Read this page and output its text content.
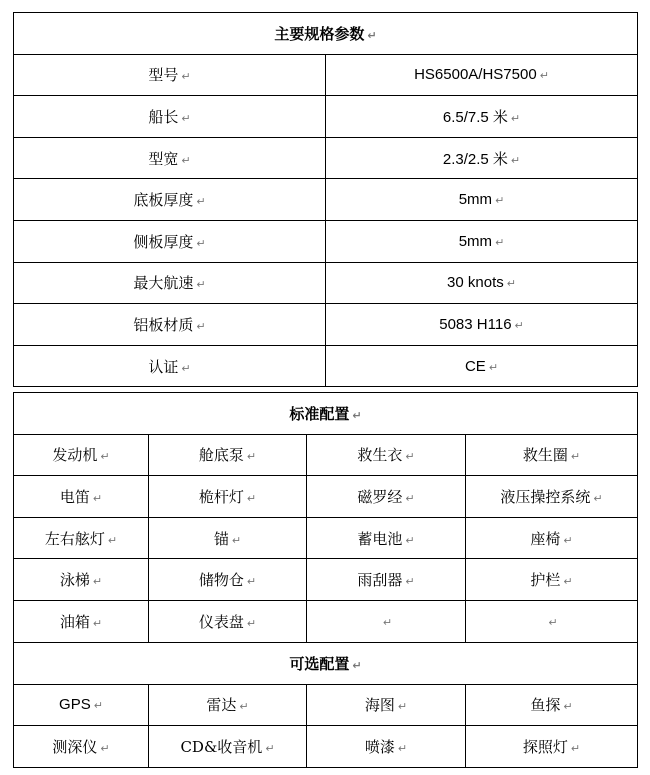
主要规格参数 ↵	
型号 ↵	HS6500A/HS7500 ↵
船长 ↵	6.5/7.5 米 ↵
型宽 ↵	2.3/2.5 米 ↵
底板厚度 ↵	5mm ↵
侧板厚度 ↵	5mm ↵
最大航速 ↵	30 knots ↵
铝板材质 ↵	5083 H116 ↵
认证 ↵	CE ↵
标准配置 ↵			
发动机 ↵	舱底泵 ↵	救生衣 ↵	救生圈 ↵
电笛 ↵	桅杆灯 ↵	磁罗经 ↵	液压操控系统 ↵
左右舷灯 ↵	锚 ↵	蓄电池 ↵	座椅 ↵
泳梯 ↵	储物仓 ↵	雨刮器 ↵	护栏 ↵
油箱 ↵	仪表盘 ↵	↵	↵
可选配置 ↵			
GPS ↵	雷达 ↵	海图 ↵	鱼探 ↵
测深仪 ↵	CD&收音机 ↵	喷漆 ↵	探照灯 ↵
